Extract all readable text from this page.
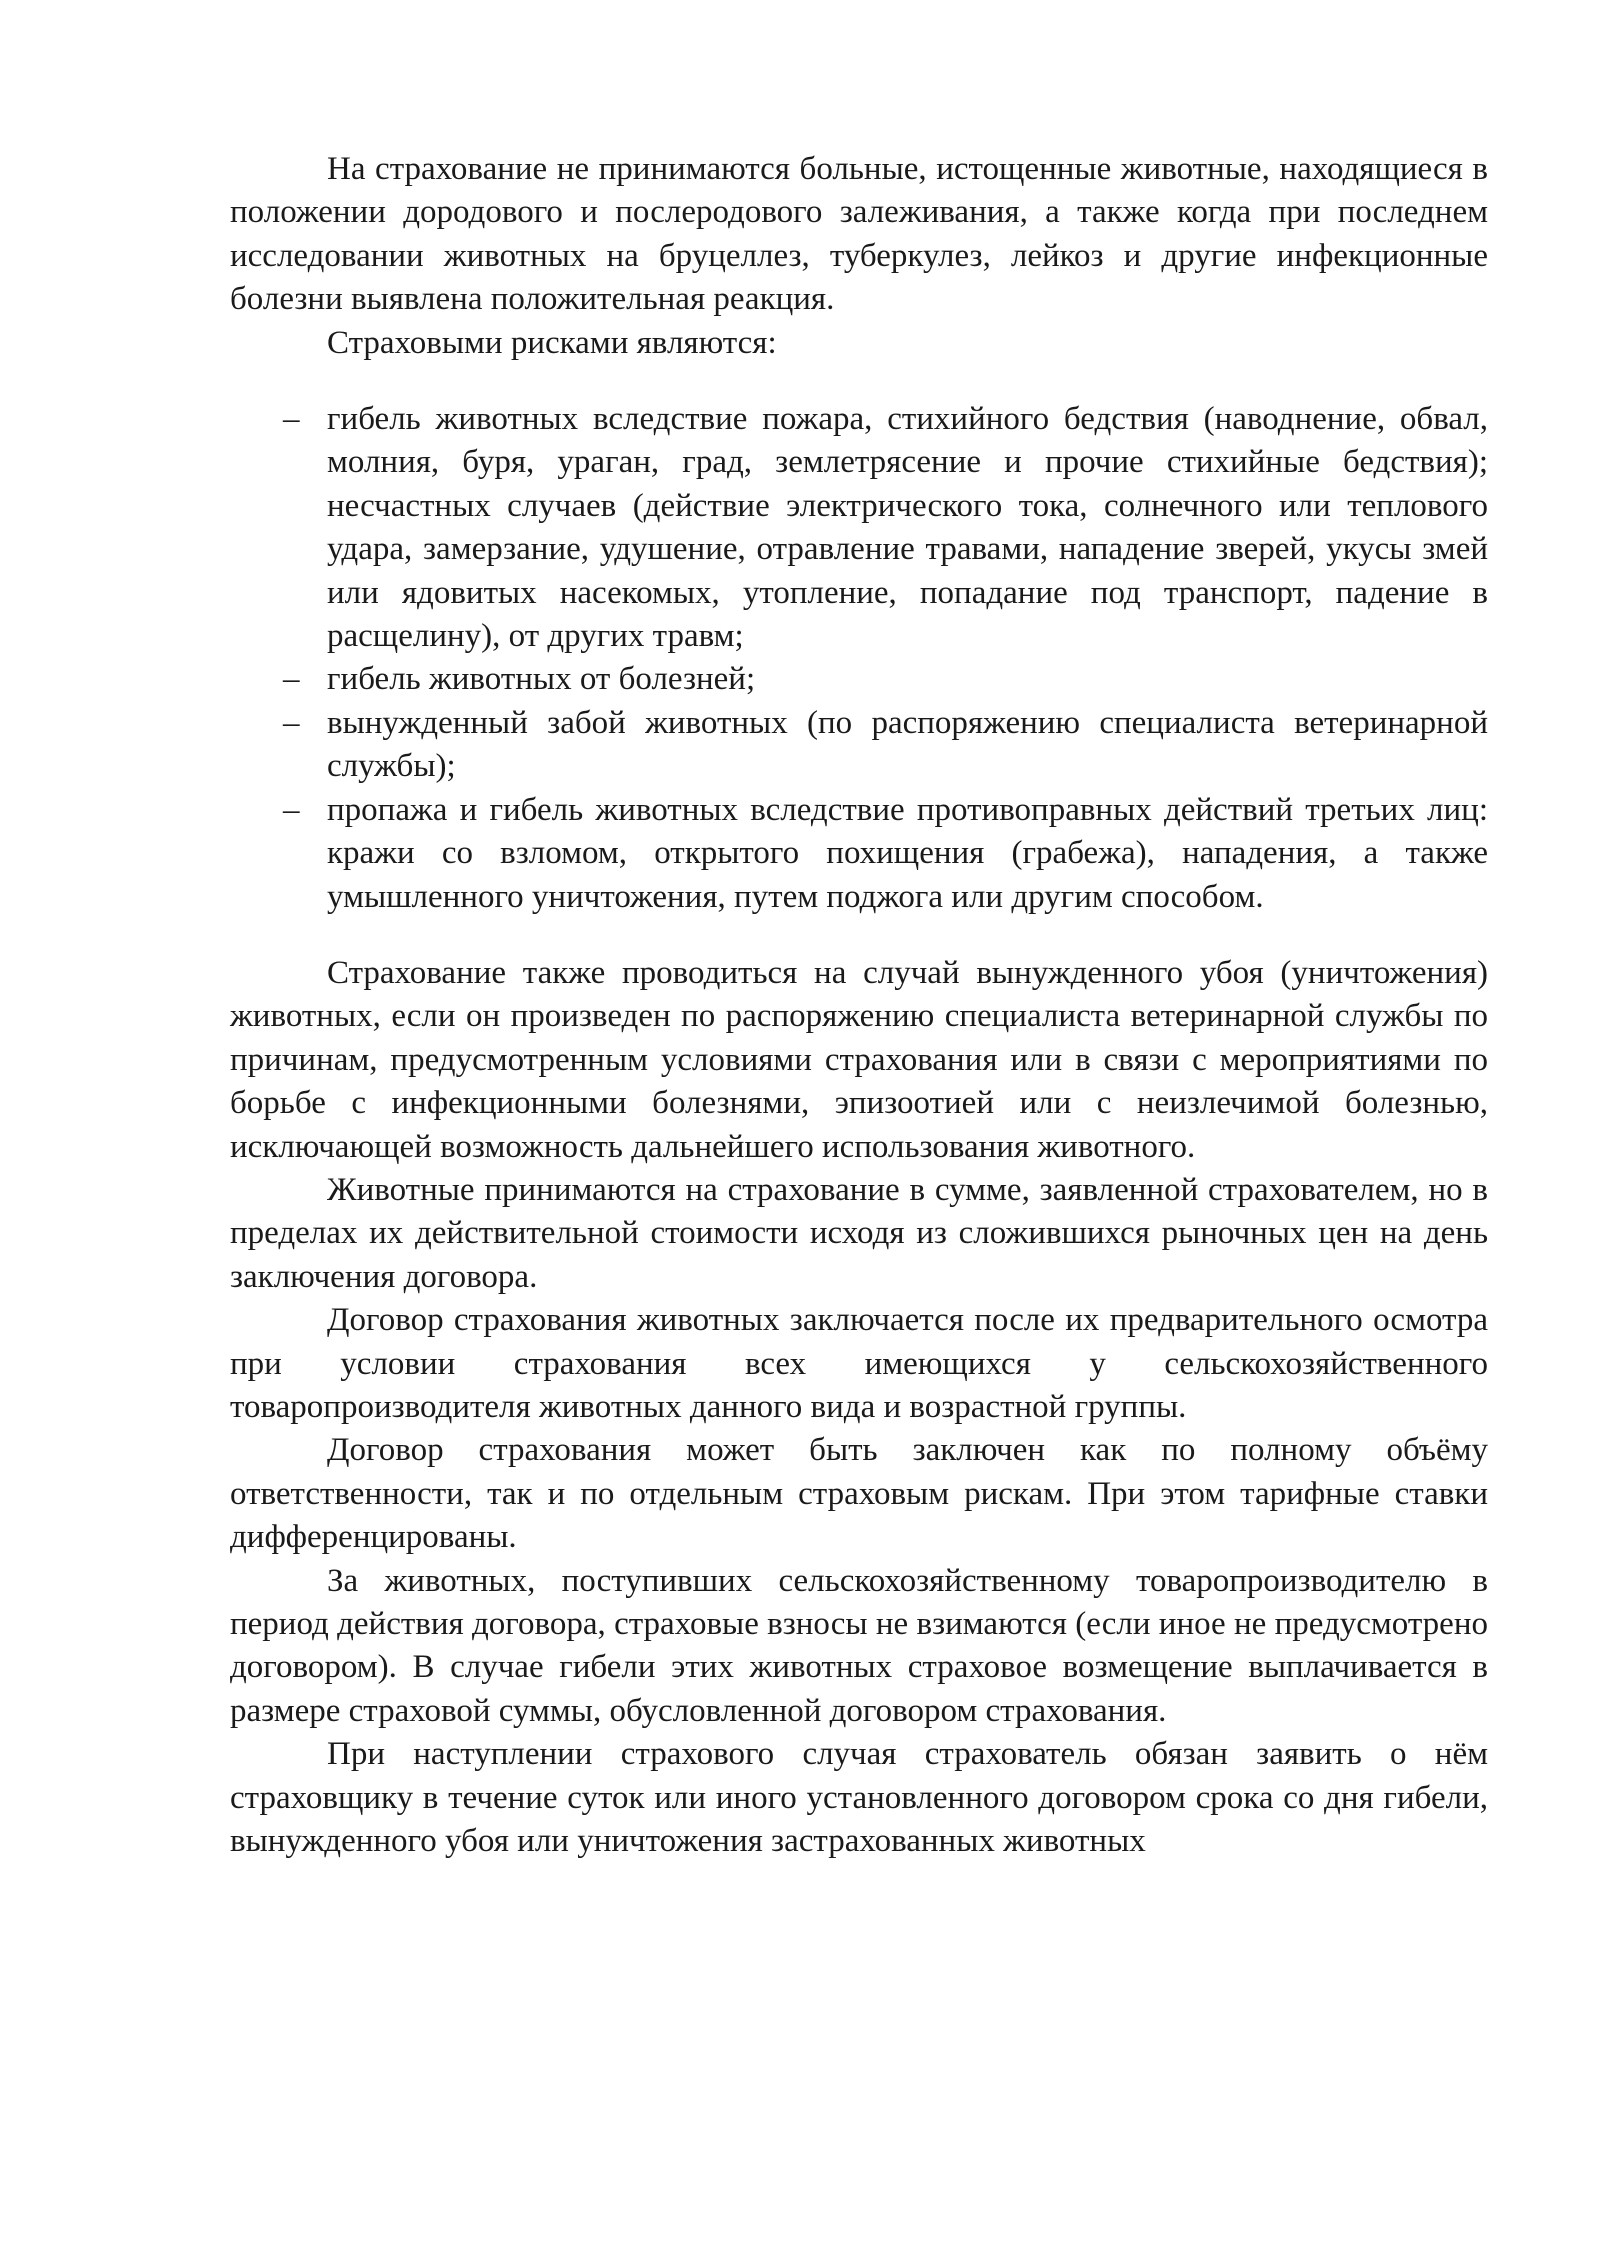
На страхование не принимаются больные, истощенные животные, находящиеся в положении дородового и послеродового залеживания, а также когда при последнем исследовании животных на бруцеллез, туберкулез, лейкоз и другие инфекционные болезни выявлена положительная реакция.

Страховыми рисками являются:

– гибель животных вследствие пожара, стихийного бедствия (наводнение, обвал, молния, буря, ураган, град, землетрясение и прочие стихийные бедствия); несчастных случаев (действие электрического тока, солнечного или теплового удара, замерзание, удушение, отравление травами, нападение зверей, укусы змей или ядовитых насекомых, утопление, попадание под транспорт, падение в расщелину), от других травм;
– гибель животных от болезней;
– вынужденный забой животных (по распоряжению специалиста ветеринарной службы);
– пропажа и гибель животных вследствие противоправных действий третьих лиц: кражи со взломом, открытого похищения (грабежа), нападения, а также умышленного уничтожения, путем поджога или другим способом.

Страхование также проводиться на случай вынужденного убоя (уничтожения) животных, если он произведен по распоряжению специалиста ветеринарной службы по причинам, предусмотренным условиями страхования или в связи с мероприятиями по борьбе с инфекционными болезнями, эпизоотией или с неизлечимой болезнью, исключающей возможность дальнейшего использования животного.

Животные принимаются на страхование в сумме, заявленной страхователем, но в пределах их действительной стоимости исходя из сложившихся рыночных цен на день заключения договора.

Договор страхования животных заключается после их предварительного осмотра при условии страхования всех имеющихся у сельскохозяйственного товаропроизводителя животных данного вида и возрастной группы.

Договор страхования может быть заключен как по полному объёму ответственности, так и по отдельным страховым рискам. При этом тарифные ставки дифференцированы.

За животных, поступивших сельскохозяйственному товаропроизводителю в период действия договора, страховые взносы не взимаются (если иное не предусмотрено договором). В случае гибели этих животных страховое возмещение выплачивается в размере страховой суммы, обусловленной договором страхования.

При наступлении страхового случая страхователь обязан заявить о нём страховщику в течение суток или иного установленного договором срока со дня гибели, вынужденного убоя или уничтожения застрахованных животных
